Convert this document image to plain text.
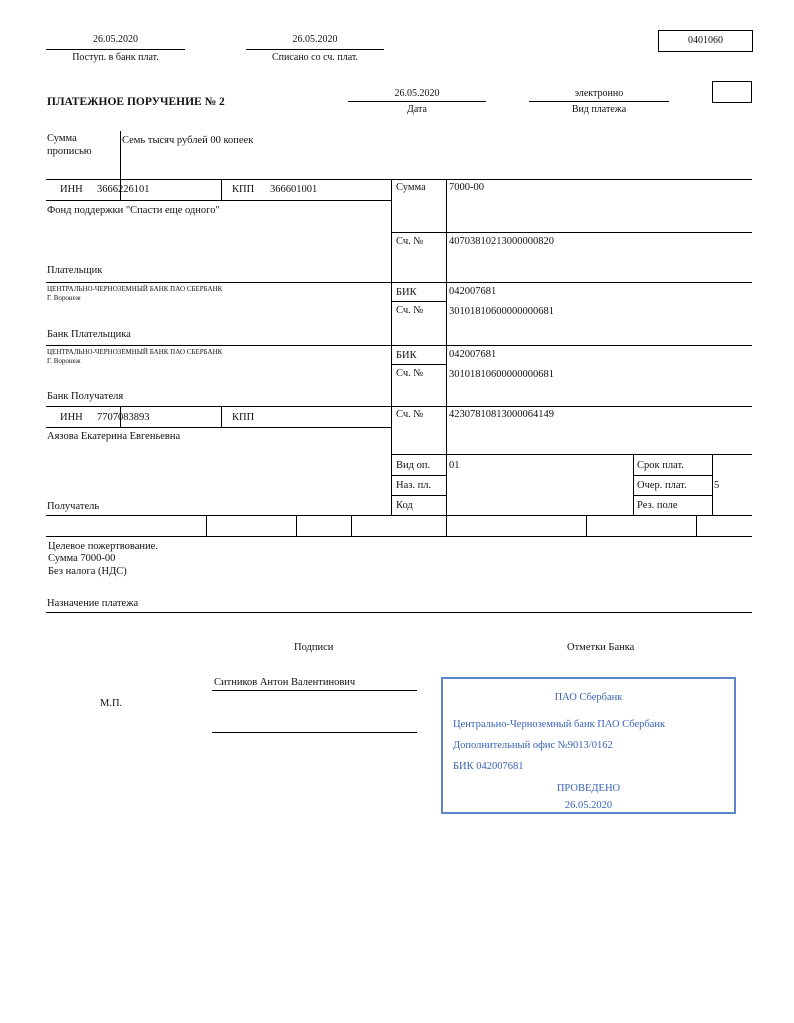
26.05.2020
Поступ. в банк плат.
26.05.2020
Списано со сч. плат.
0401060
ПЛАТЕЖНОЕ ПОРУЧЕНИЕ № 2
26.05.2020
Дата
электронно
Вид платежа
Сумма
прописью
Семь тысяч рублей 00 копеек
ИНН 3666226101	КПП 366601001
Фонд поддержки "Спасти еще одного"
Плательщик
Сумма 7000-00
Сч. № 40703810213000000820
ЦЕНТРАЛЬНО-ЧЕРНОЗЕМНЫЙ БАНК ПАО СБЕРБАНК
Г. Воронеж
Банк Плательщика
БИК	042007681
Сч. № 30101810600000000681
ЦЕНТРАЛЬНО-ЧЕРНОЗЕМНЫЙ БАНК ПАО СБЕРБАНК
Г. Воронеж
Банк Получателя
БИК	042007681
Сч. № 30101810600000000681
ИНН 7707083893	КПП
Аязова Екатерина Евгеньевна
Получатель
Сч. № 42307810813000064149
Вид оп. 01
Наз. пл.
Код
Срок плат.
Очер. плат.	5
Рез. поле
Целевое пожертвование.
Сумма 7000-00
Без налога (НДС)
Назначение платежа
Подписи	Отметки Банка
М.П.
Ситников Антон Валентинович
ПАО Сбербанк
Центрально-Черноземный банк ПАО Сбербанк
Дополнительный офис №9013/0162
БИК 042007681
ПРОВЕДЕНО
26.05.2020
